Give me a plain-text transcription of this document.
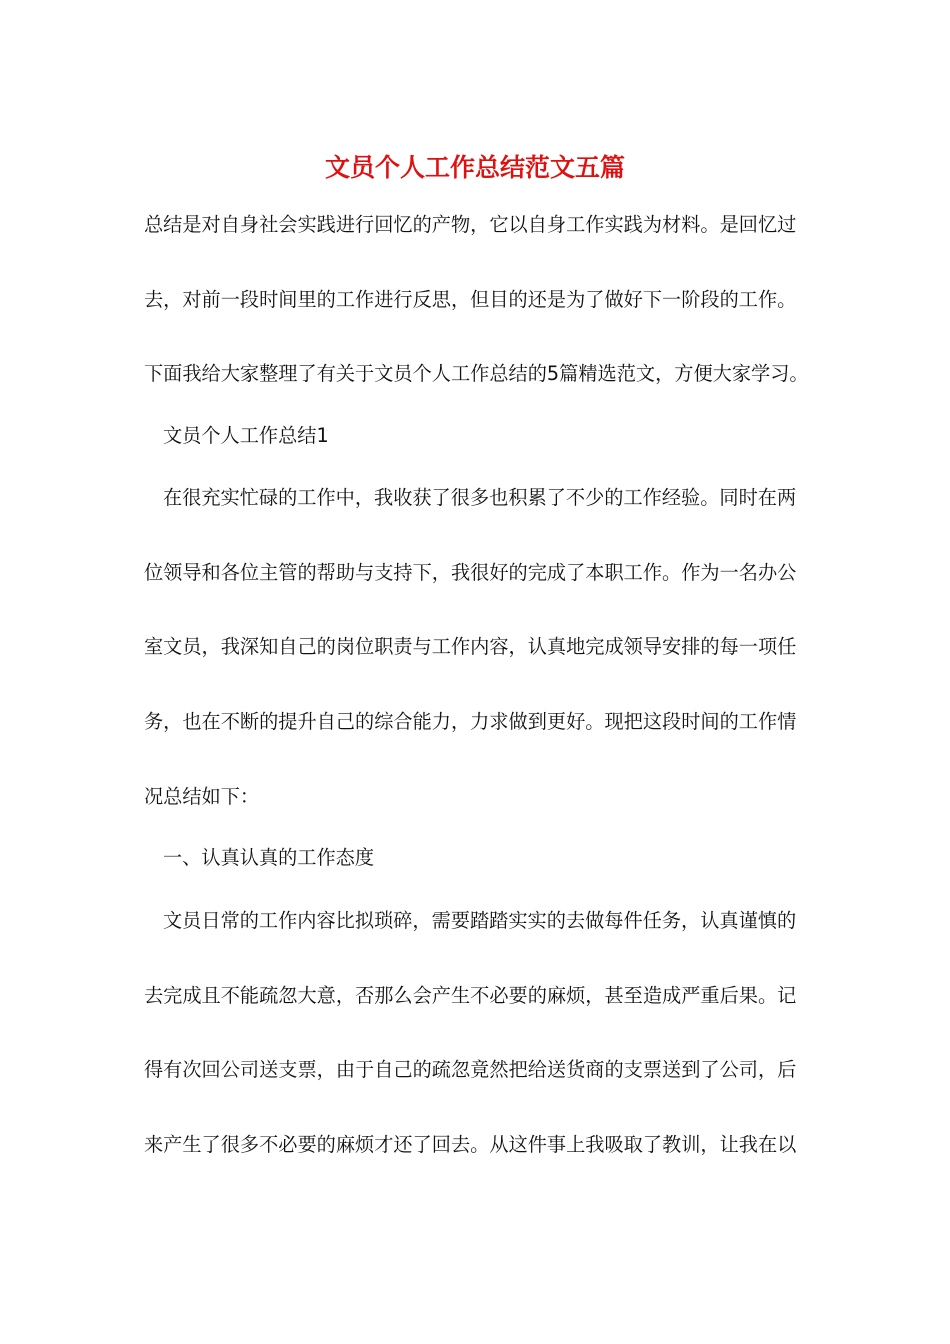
文员个人工作总结范文五篇

总结是对自身社会实践进行回忆的产物，它以自身工作实践为材料。是回忆过

去，对前一段时间里的工作进行反思，但目的还是为了做好下一阶段的工作。

下面我给大家整理了有关于文员个人工作总结的5篇精选范文，方便大家学习。

文员个人工作总结1

在很充实忙碌的工作中，我收获了很多也积累了不少的工作经验。同时在两

位领导和各位主管的帮助与支持下，我很好的完成了本职工作。作为一名办公

室文员，我深知自己的岗位职责与工作内容，认真地完成领导安排的每一项任

务，也在不断的提升自己的综合能力，力求做到更好。现把这段时间的工作情

况总结如下：

一、认真认真的工作态度

文员日常的工作内容比拟琐碎，需要踏踏实实的去做每件任务，认真谨慎的

去完成且不能疏忽大意，否那么会产生不必要的麻烦，甚至造成严重后果。记

得有次回公司送支票，由于自己的疏忽竟然把给送货商的支票送到了公司，后

来产生了很多不必要的麻烦才还了回去。从这件事上我吸取了教训，让我在以
